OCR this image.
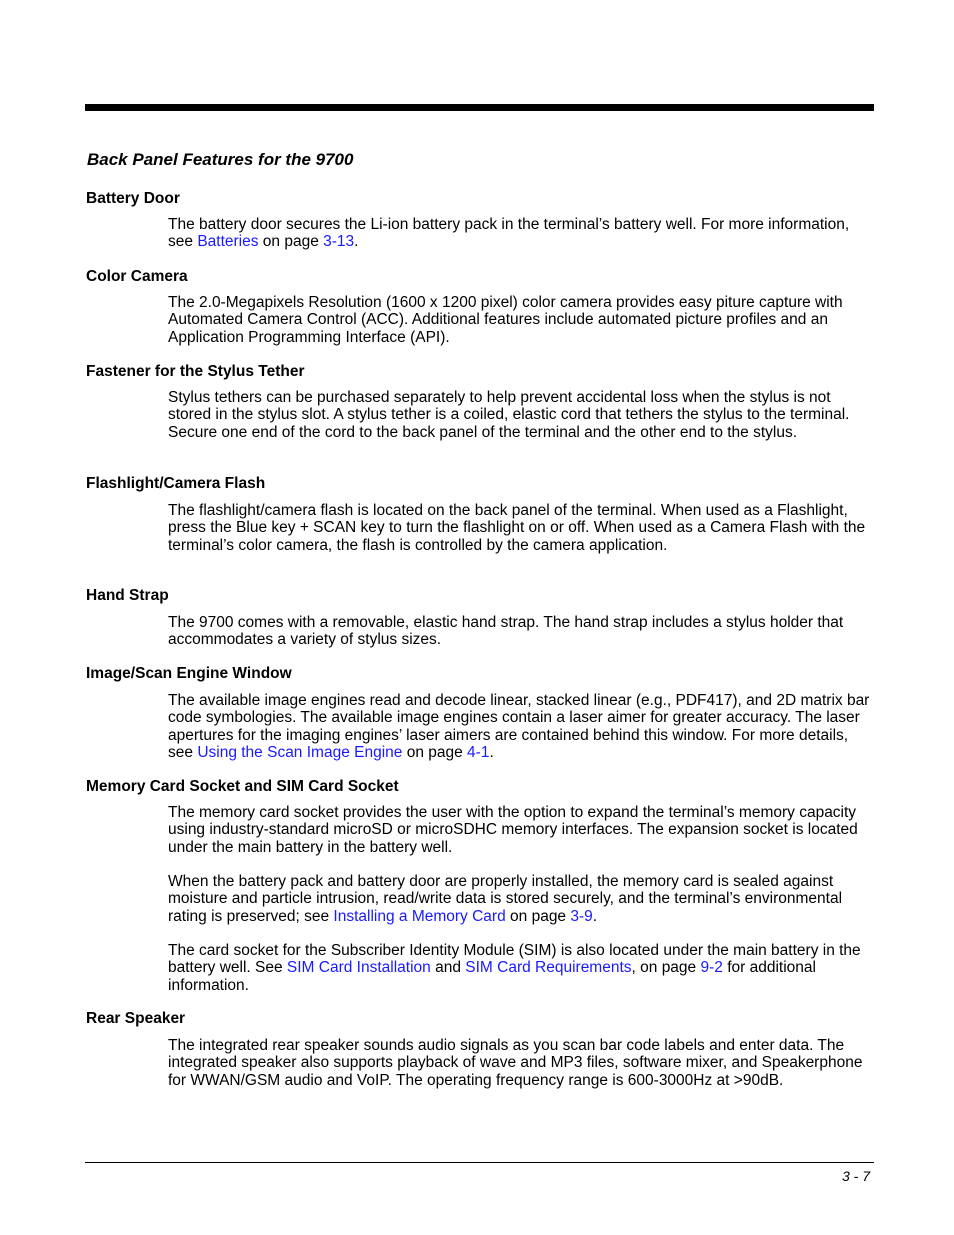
Back Panel Features for the 9700
Battery Door

The battery door secures the Li-ion battery pack in the terminal’s battery well. For more information, see Batteries on page 3-13.

Color Camera

The 2.0-Megapixels Resolution (1600 x 1200 pixel) color camera provides easy piture capture with Automated Camera Control (ACC). Additional features include automated picture profiles and an Application Programming Interface (API).

Fastener for the Stylus Tether

Stylus tethers can be purchased separately to help prevent accidental loss when the stylus is not stored in the stylus slot. A stylus tether is a coiled, elastic cord that tethers the stylus to the terminal. Secure one end of the cord to the back panel of the terminal and the other end to the stylus.

Flashlight/Camera Flash

The flashlight/camera flash is located on the back panel of the terminal. When used as a Flashlight, press the Blue key + SCAN key to turn the flashlight on or off. When used as a Camera Flash with the terminal’s color camera, the flash is controlled by the camera application.

Hand Strap

The 9700 comes with a removable, elastic hand strap. The hand strap includes a stylus holder that accommodates a variety of stylus sizes.

Image/Scan Engine Window

The available image engines read and decode linear, stacked linear (e.g., PDF417), and 2D matrix bar code symbologies. The available image engines contain a laser aimer for greater accuracy. The laser apertures for the imaging engines’ laser aimers are contained behind this window. For more details, see Using the Scan Image Engine on page 4-1.

Memory Card Socket and SIM Card Socket

The memory card socket provides the user with the option to expand the terminal’s memory capacity using industry-standard microSD or microSDHC memory interfaces. The expansion socket is located under the main battery in the battery well.

When the battery pack and battery door are properly installed, the memory card is sealed against moisture and particle intrusion, read/write data is stored securely, and the terminal’s environmental rating is preserved; see Installing a Memory Card on page 3-9.

The card socket for the Subscriber Identity Module (SIM) is also located under the main battery in the battery well. See SIM Card Installation and SIM Card Requirements, on page 9-2 for additional information.

Rear Speaker

The integrated rear speaker sounds audio signals as you scan bar code labels and enter data. The integrated speaker also supports playback of wave and MP3 files, software mixer, and Speakerphone for WWAN/GSM audio and VoIP. The operating frequency range is 600-3000Hz at >90dB.

3 - 7
